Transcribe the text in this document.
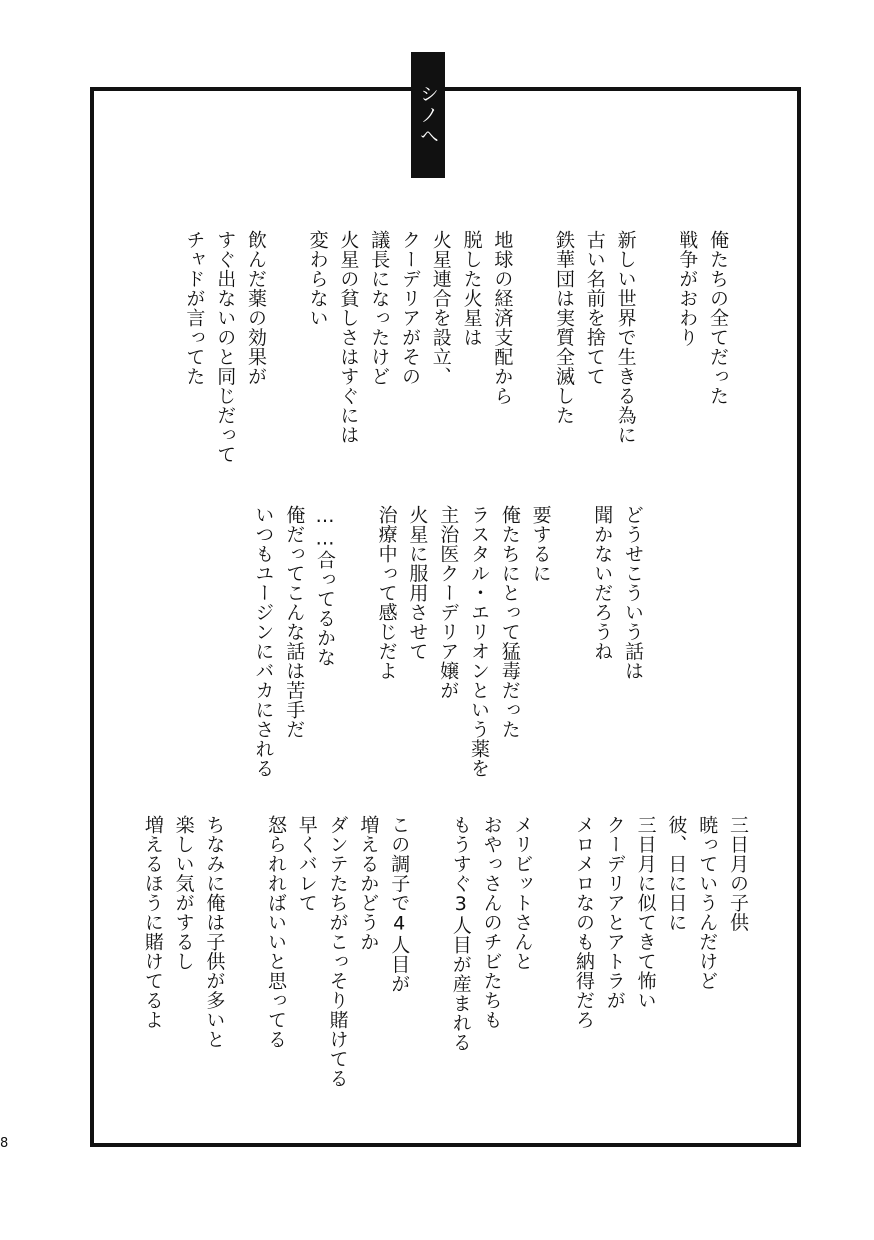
シノへ
俺たちの全てだった
戦争がおわり
新しい世界で生きる為に
古い名前を捨てて
鉄華団は実質全滅した
地球の経済支配から
脱した火星は
火星連合を設立、
クーデリアがその
議長になったけど
火星の貧しさはすぐには
変わらない
飲んだ薬の効果が
すぐ出ないのと同じだって
チャドが言ってた
どうせこういう話は
聞かないだろうね
要するに
俺たちにとって猛毒だった
ラスタル・エリオンという薬を
主治医クーデリア嬢が
火星に服用させて
治療中って感じだよ
……合ってるかな
俺だってこんな話は苦手だ
いつもユージンにバカにされる
三日月の子供
暁っていうんだけど
彼、日に日に
三日月に似てきて怖い
クーデリアとアトラが
メロメロなのも納得だろ
メリビットさんと
おやっさんのチビたちも
もうすぐ3人目が産まれる
この調子で4人目が
増えるかどうか
ダンテたちがこっそり賭けてる
早くバレて
怒られればいいと思ってる
ちなみに俺は子供が多いと
楽しい気がするし
増えるほうに賭けてるよ
8
